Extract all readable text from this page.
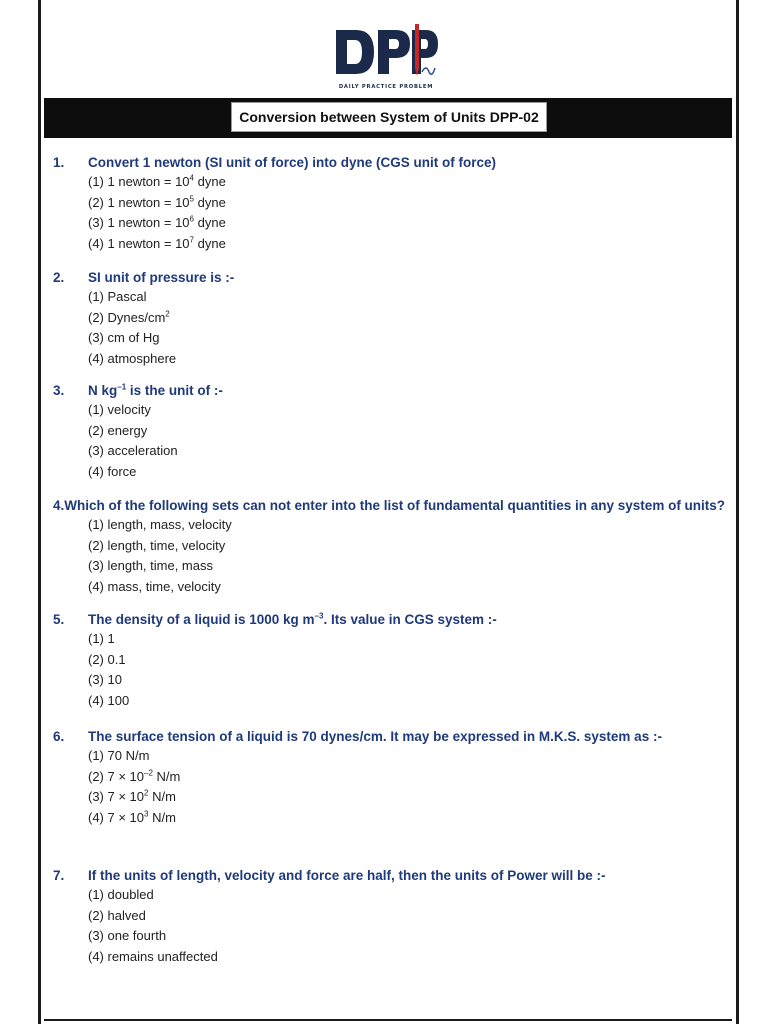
DAILY PRACTICE PROBLEM
Conversion between System of Units DPP-02
1.	Convert 1 newton (SI unit of force) into dyne (CGS unit of force)
(1) 1 newton = $10^4$ dyne
(2) 1 newton = $10^5$ dyne
(3) 1 newton = $10^6$ dyne
(4) 1 newton = $10^7$ dyne
2.	SI unit of pressure is :-
(1) Pascal
(2) Dynes/$cm^2$
(3) cm of Hg
(4) atmosphere
3.	N $kg^{-1}$ is the unit of :-
(1) velocity
(2) energy
(3) acceleration
(4) force
4. Which of the following sets can not enter into the list of fundamental quantities in any system of units?
(1) length, mass, velocity
(2) length, time, velocity
(3) length, time, mass
(4) mass, time, velocity
5.	The density of a liquid is 1000 kg $m^{-3}$. Its value in CGS system :-
(1) 1
(2) 0.1
(3) 10
(4) 100
6.	The surface tension of a liquid is 70 dynes/cm. It may be expressed in M.K.S. system as :-
(1) 70 N/m
(2) $7 \times 10^{-2}$ N/m
(3) $7 \times 10^2$ N/m
(4) $7 \times 10^3$ N/m
7.	If the units of length, velocity and force are half, then the units of Power will be :-
(1) doubled
(2) halved
(3) one fourth
(4) remains unaffected
